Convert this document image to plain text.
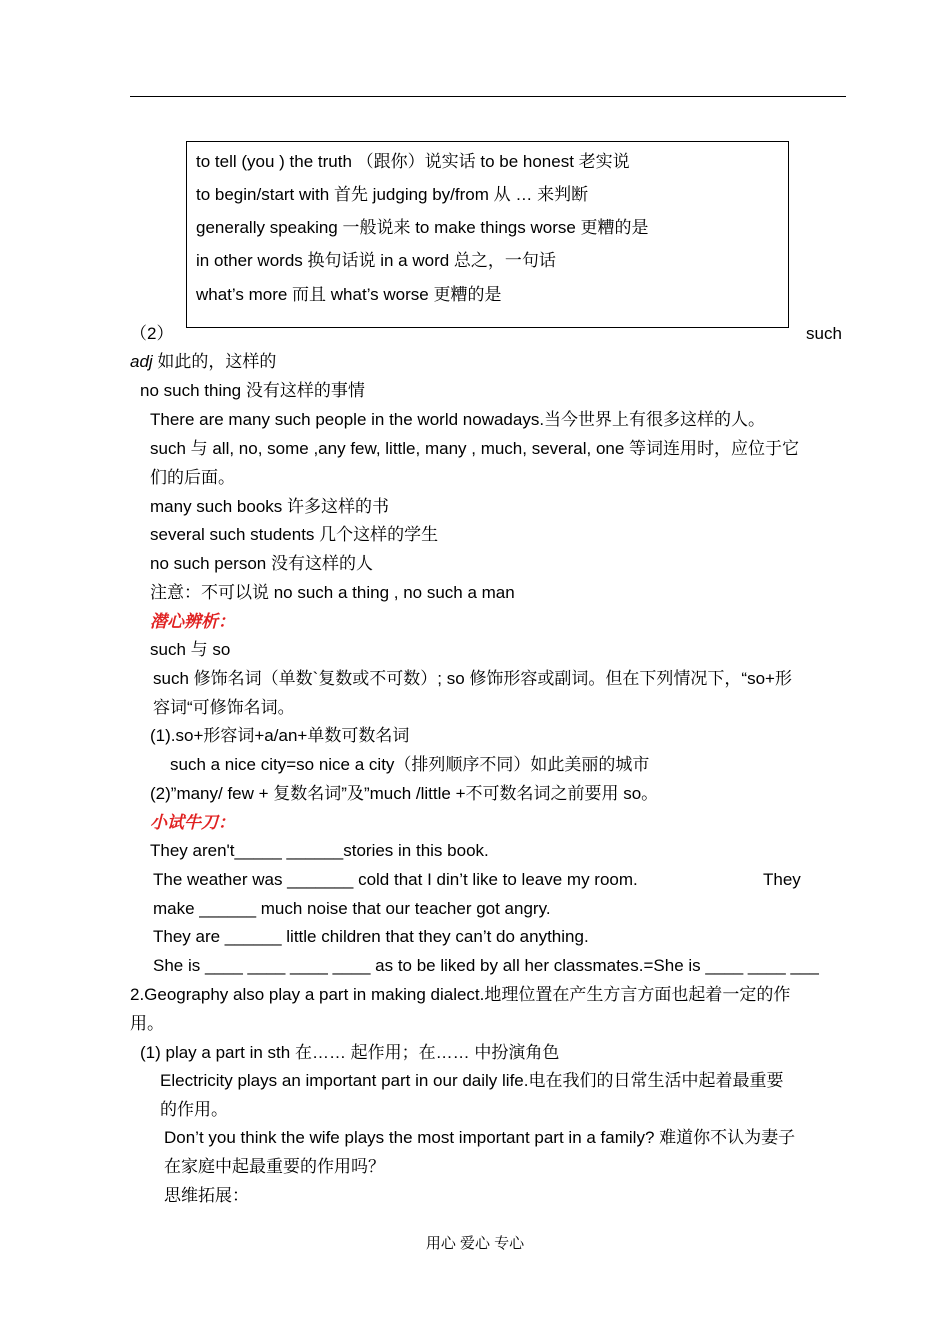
to tell (you ) the truth （跟你）说实话 to be honest 老实说
to begin/start with 首先 judging by/from 从 … 来判断
generally speaking 一般说来 to make things worse 更糟的是
in other words 换句话说 in a word 总之，一句话
what’s more 而且 what’s worse 更糟的是
（2）	such
adj 如此的，这样的
no such thing 没有这样的事情
There are many such people in the world nowadays.当今世界上有很多这样的人。
such 与 all, no, some ,any few, little, many , much, several, one 等词连用时，应位于它
们的后面。
many such books 许多这样的书
several such students 几个这样的学生
no such person 没有这样的人
注意：不可以说 no such a thing , no such a man
潜心辨析：
such 与 so
such 修饰名词（单数`复数或不可数）; so 修饰形容或副词。但在下列情况下，“so+形
容词“可修饰名词。
(1).so+形容词+a/an+单数可数名词
such a nice city=so nice a city（排列顺序不同）如此美丽的城市
(2)”many/ few + 复数名词”及”much /little +不可数名词之前要用 so。
小试牛刀：
They aren't_____ ______stories in this book.
The weather was _______ cold that I din’t like to leave my room.	They
make ______ much noise that our teacher got angry.
They are ______ little children that they can’t do anything.
She is ____ ____ ____ ____ as to be liked by all her classmates.=She is ____ ____ ___
2.Geography also play a part in making dialect.地理位置在产生方言方面也起着一定的作
用。
(1) play a part in sth 在…… 起作用；在…… 中扮演角色
Electricity plays an important part in our daily life.电在我们的日常生活中起着最重要
的作用。
Don’t you think the wife plays the most important part in a family? 难道你不认为妻子
在家庭中起最重要的作用吗？
思维拓展：
用心 爱心 专心
